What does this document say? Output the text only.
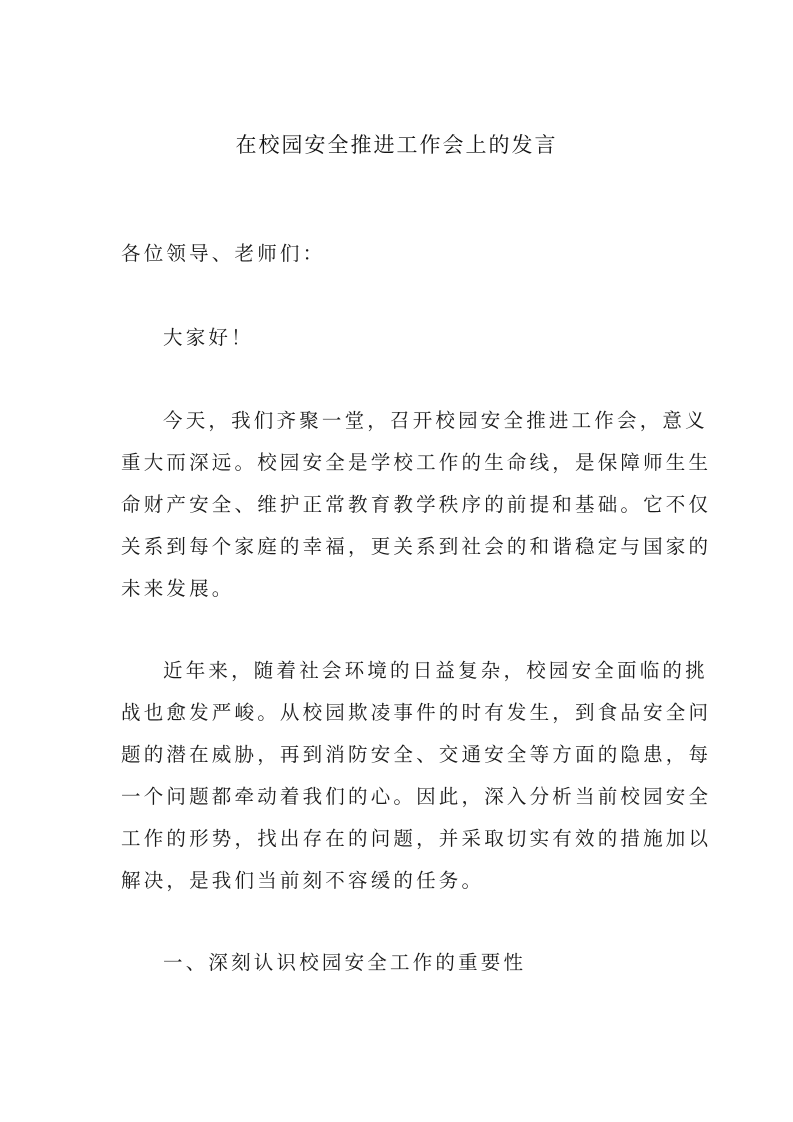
在校园安全推进工作会上的发言
各位领导、老师们：
大家好！
今天，我们齐聚一堂，召开校园安全推进工作会，意义
重大而深远。校园安全是学校工作的生命线，是保障师生生
命财产安全、维护正常教育教学秩序的前提和基础。它不仅
关系到每个家庭的幸福，更关系到社会的和谐稳定与国家的
未来发展。
近年来，随着社会环境的日益复杂，校园安全面临的挑
战也愈发严峻。从校园欺凌事件的时有发生，到食品安全问
题的潜在威胁，再到消防安全、交通安全等方面的隐患，每
一个问题都牵动着我们的心。因此，深入分析当前校园安全
工作的形势，找出存在的问题，并采取切实有效的措施加以
解决，是我们当前刻不容缓的任务。
一、深刻认识校园安全工作的重要性
